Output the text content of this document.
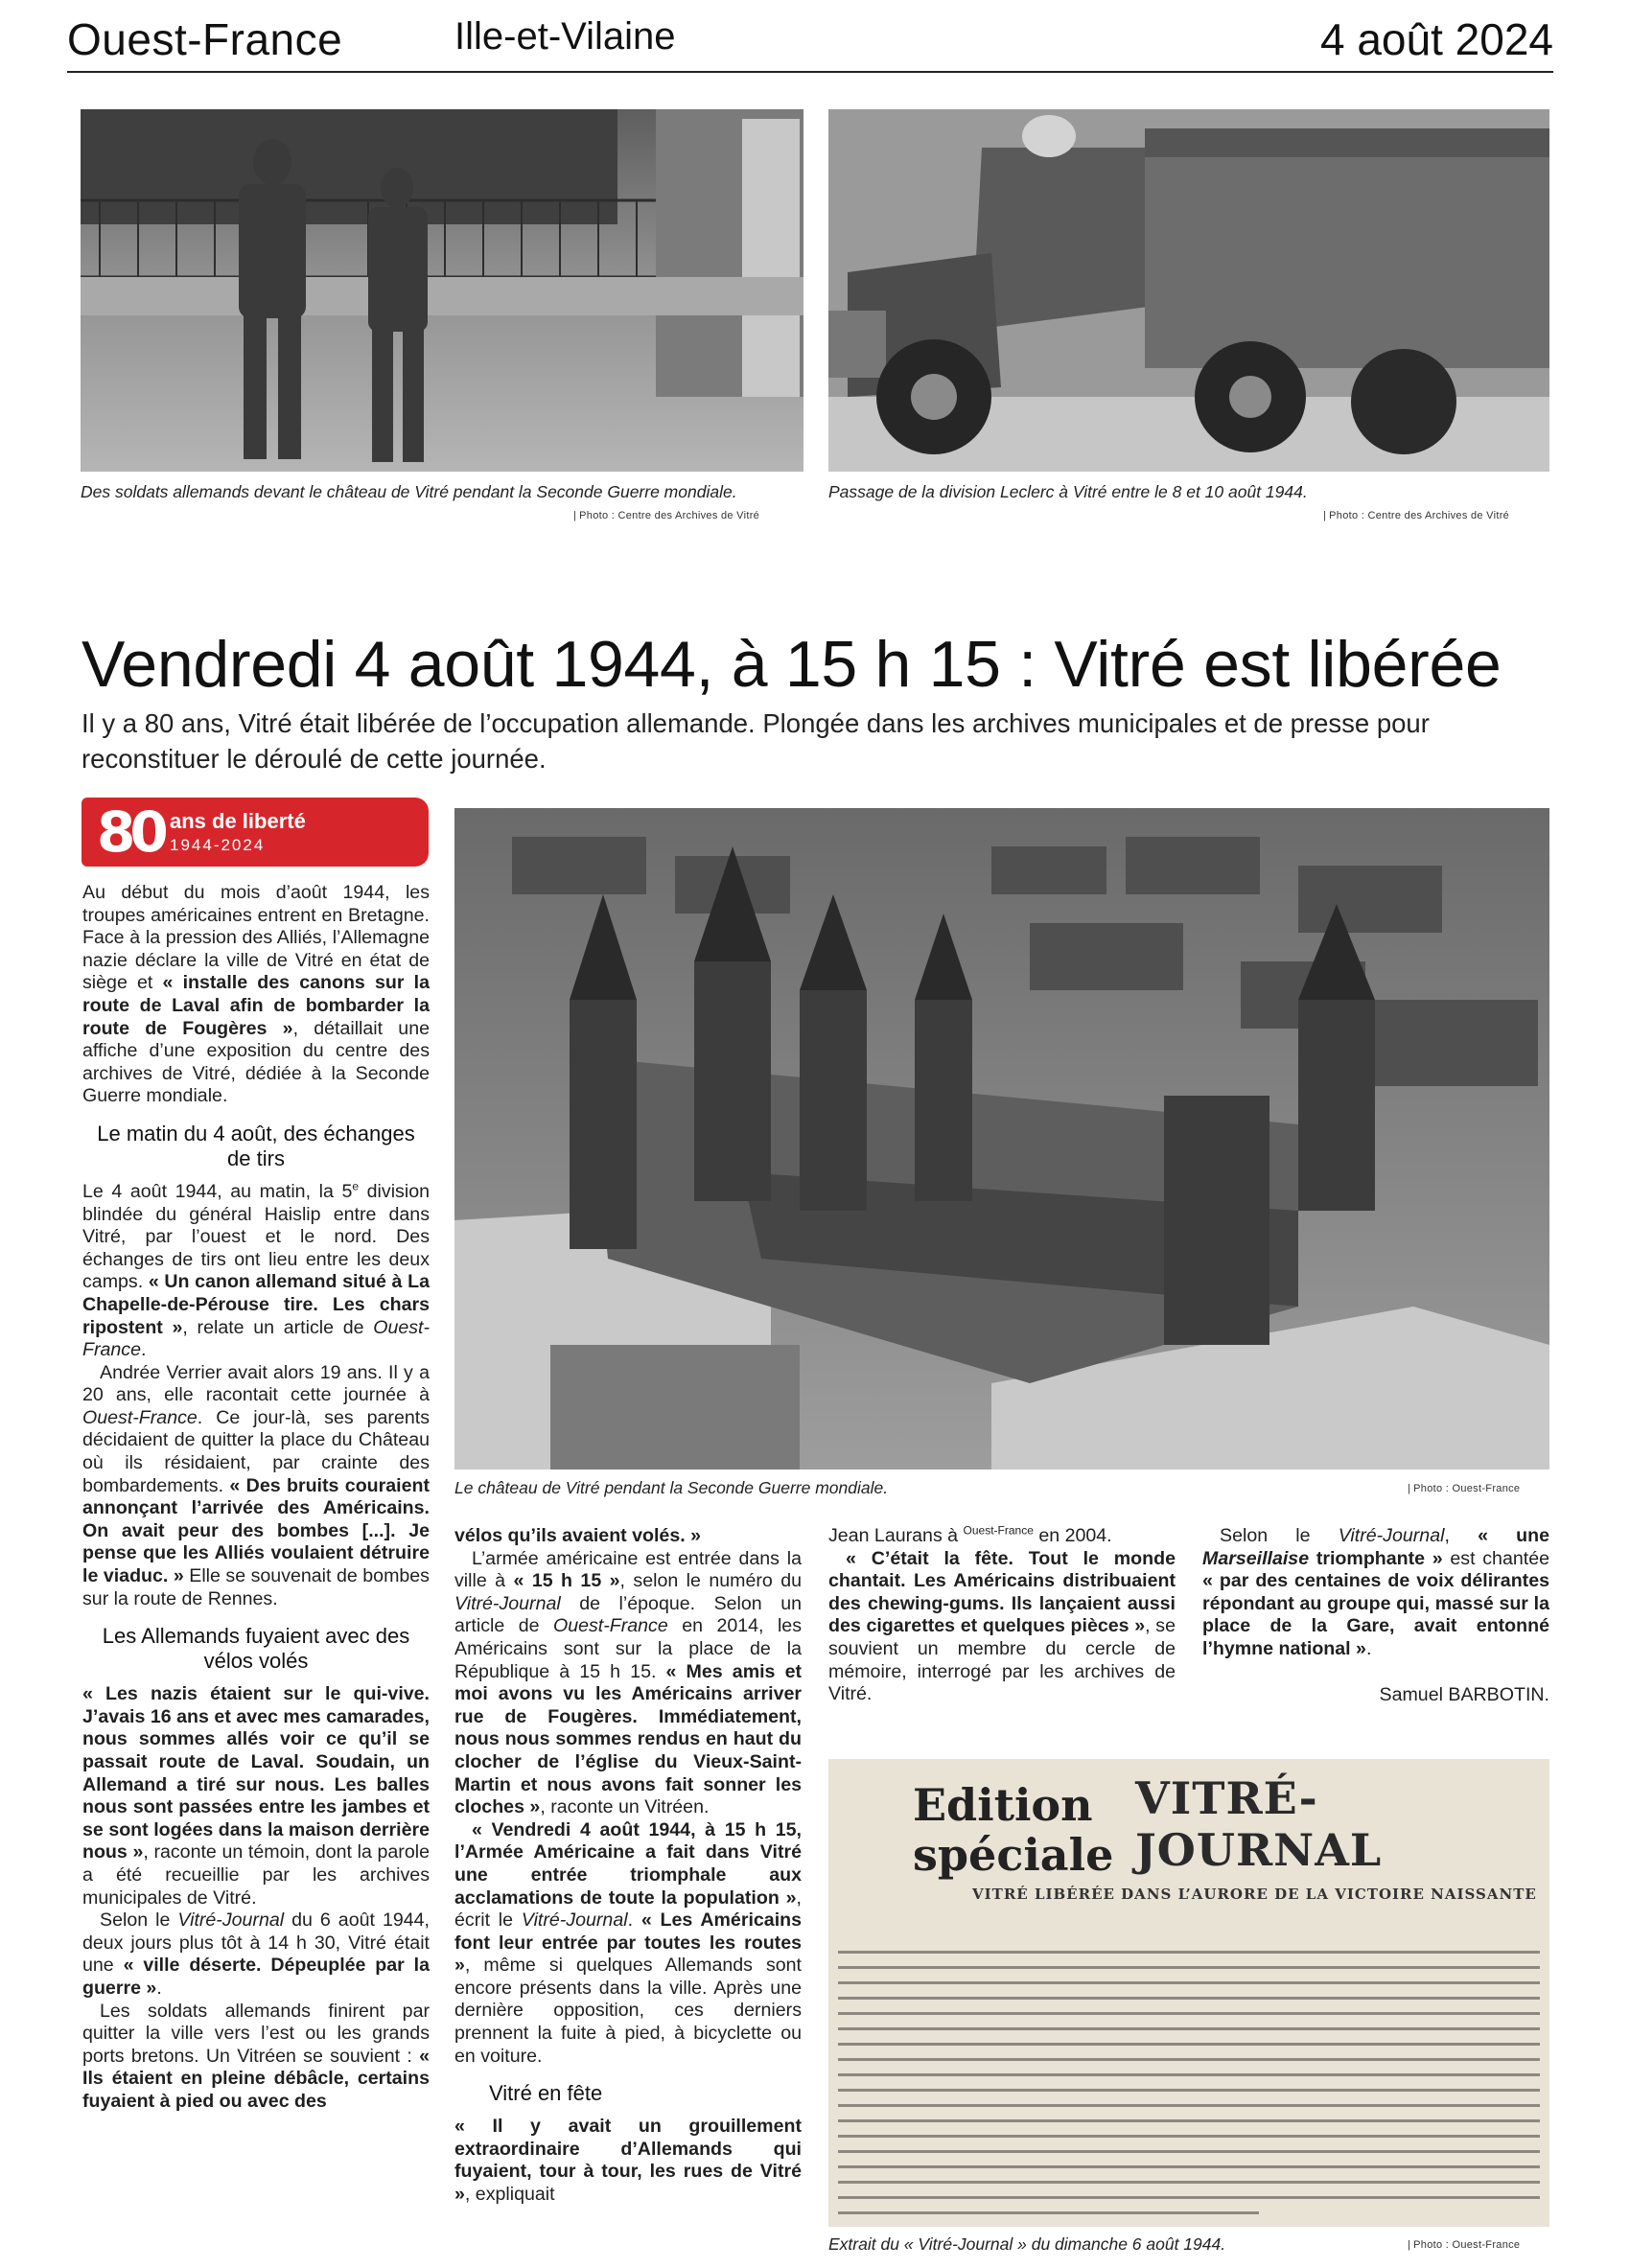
Ouest-France	Ille-et-Vilaine	4 août 2024
Des soldats allemands devant le château de Vitré pendant la Seconde Guerre mondiale.
| Photo : Centre des Archives de Vitré
Passage de la division Leclerc à Vitré entre le 8 et 10 août 1944.
| Photo : Centre des Archives de Vitré
Vendredi 4 août 1944, à 15 h 15 : Vitré est libérée
Il y a 80 ans, Vitré était libérée de l’occupation allemande. Plongée dans les archives municipales et de presse pour reconstituer le déroulé de cette journée.
80 ans de liberté
1944-2024
Le château de Vitré pendant la Seconde Guerre mondiale.	| Photo : Ouest-France

Au début du mois d’août 1944, les troupes américaines entrent en Bretagne. Face à la pression des Alliés, l’Allemagne nazie déclare la ville de Vitré en état de siège et « installe des canons sur la route de Laval afin de bombarder la route de Fougères », détaillait une affiche d’une exposition du centre des archives de Vitré, dédiée à la Seconde Guerre mondiale.

Le matin du 4 août, des échanges de tirs

Le 4 août 1944, au matin, la 5e division blindée du général Haislip entre dans Vitré, par l’ouest et le nord. Des échanges de tirs ont lieu entre les deux camps. « Un canon allemand situé à La Chapelle-de-Pérouse tire. Les chars ripostent », relate un article de Ouest-France.

Andrée Verrier avait alors 19 ans. Il y a 20 ans, elle racontait cette journée à Ouest-France. Ce jour-là, ses parents décidaient de quitter la place du Château où ils résidaient, par crainte des bombardements. « Des bruits couraient annonçant l’arrivée des Américains. On avait peur des bombes [...]. Je pense que les Alliés voulaient détruire le viaduc. » Elle se souvenait de bombes sur la route de Rennes.

Les Allemands fuyaient avec des vélos volés

« Les nazis étaient sur le qui-vive. J’avais 16 ans et avec mes camarades, nous sommes allés voir ce qu’il se passait route de Laval. Soudain, un Allemand a tiré sur nous. Les balles nous sont passées entre les jambes et se sont logées dans la maison derrière nous », raconte un témoin, dont la parole a été recueillie par les archives municipales de Vitré.

Selon le Vitré-Journal du 6 août 1944, deux jours plus tôt à 14 h 30, Vitré était une « ville déserte. Dépeuplée par la guerre ».

Les soldats allemands finirent par quitter la ville vers l’est ou les grands ports bretons. Un Vitréen se souvient : « Ils étaient en pleine débâcle, certains fuyaient à pied ou avec des

vélos qu’ils avaient volés. »

L’armée américaine est entrée dans la ville à « 15 h 15 », selon le numéro du Vitré-Journal de l’époque. Selon un article de Ouest-France en 2014, les Américains sont sur la place de la République à 15 h 15. « Mes amis et moi avons vu les Américains arriver rue de Fougères. Immédiatement, nous nous sommes rendus en haut du clocher de l’église du Vieux-Saint-Martin et nous avons fait sonner les cloches », raconte un Vitréen.

« Vendredi 4 août 1944, à 15 h 15, l’Armée Américaine a fait dans Vitré une entrée triomphale aux acclamations de toute la population », écrit le Vitré-Journal. « Les Américains font leur entrée par toutes les routes », même si quelques Allemands sont encore présents dans la ville. Après une dernière opposition, ces derniers prennent la fuite à pied, à bicyclette ou en voiture.

Vitré en fête

« Il y avait un grouillement extraordinaire d’Allemands qui fuyaient, tour à tour, les rues de Vitré », expliquait

Jean Laurans à $^{Ouest-France}$ en 2004.

« C’était la fête. Tout le monde chantait. Les Américains distribuaient des chewing-gums. Ils lançaient aussi des cigarettes et quelques pièces », se souvient un membre du cercle de mémoire, interrogé par les archives de Vitré.

Selon le Vitré-Journal, « une Marseillaise triomphante » est chantée « par des centaines de voix délirantes répondant au groupe qui, massé sur la place de la Gare, avait entonné l’hymne national ».

Samuel BARBOTIN.

Edition spéciale
VITRÉ-JOURNAL
VITRÉ LIBÉRÉE DANS L’AURORE DE LA VICTOIRE NAISSANTE
Extrait du « Vitré-Journal » du dimanche 6 août 1944.	| Photo : Ouest-France
